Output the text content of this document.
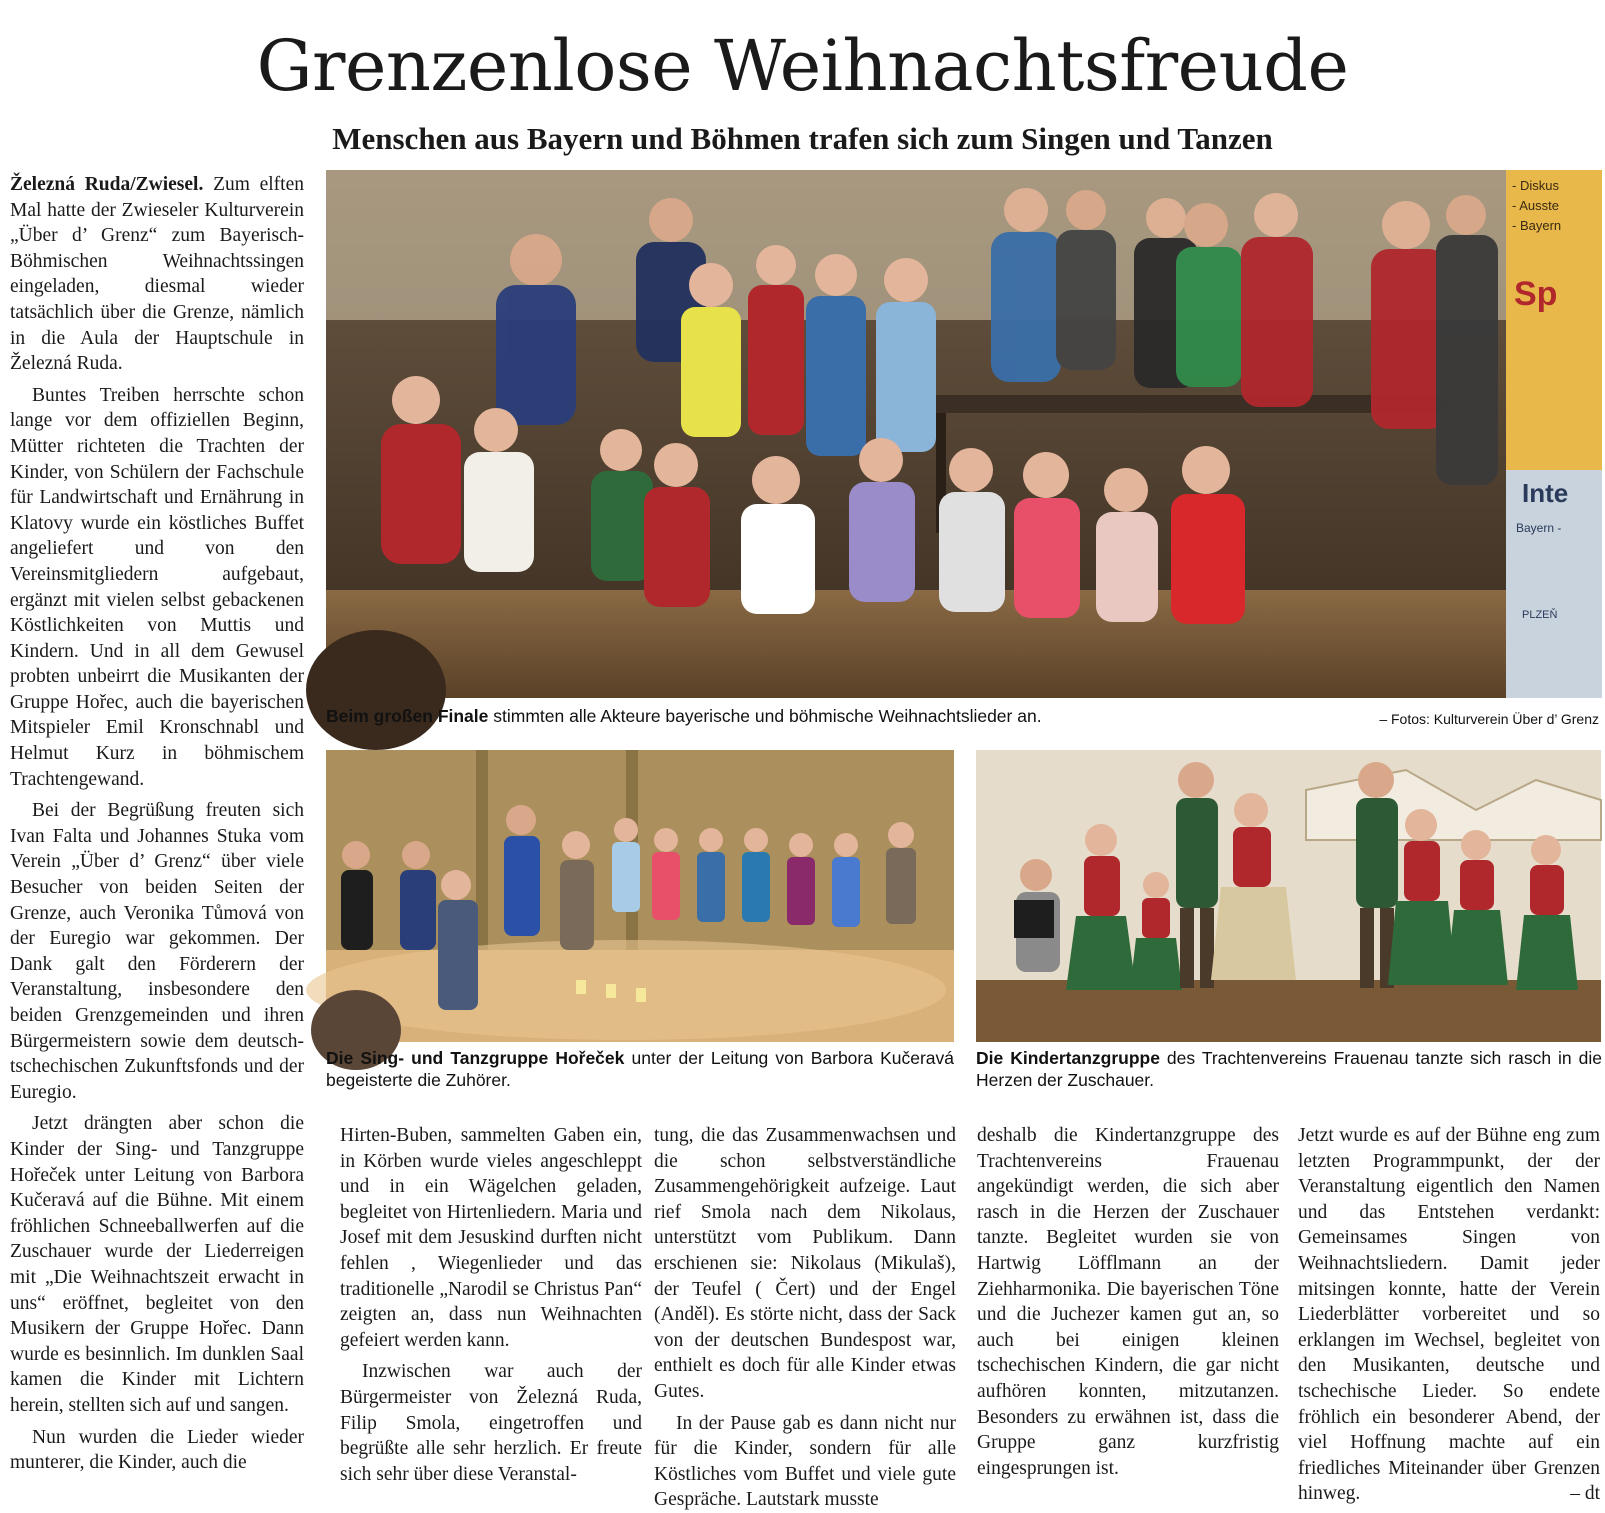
Grenzenlose Weihnachtsfreude
Menschen aus Bayern und Böhmen trafen sich zum Singen und Tanzen

Železná Ruda/Zwiesel. Zum elften Mal hatte der Zwieseler Kulturverein „Über d’ Grenz“ zum Bayerisch-Böhmischen Weihnachtssingen eingeladen, diesmal wieder tatsächlich über die Grenze, nämlich in die Aula der Hauptschule in Železná Ruda.

Buntes Treiben herrschte schon lange vor dem offiziellen Beginn, Mütter richteten die Trachten der Kinder, von Schülern der Fachschule für Landwirtschaft und Ernährung in Klatovy wurde ein köstliches Buffet angeliefert und von den Vereinsmitgliedern aufgebaut, ergänzt mit vielen selbst gebackenen Köstlichkeiten von Muttis und Kindern. Und in all dem Gewusel probten unbeirrt die Musikanten der Gruppe Hořec, auch die bayerischen Mitspieler Emil Kronschnabl und Helmut Kurz in böhmischem Trachtengewand.

Bei der Begrüßung freuten sich Ivan Falta und Johannes Stuka vom Verein „Über d’ Grenz“ über viele Besucher von beiden Seiten der Grenze, auch Veronika Tůmová von der Euregio war gekommen. Der Dank galt den Förderern der Veranstaltung, insbesondere den beiden Grenzgemeinden und ihren Bürgermeistern sowie dem deutsch-tschechischen Zukunftsfonds und der Euregio.

Jetzt drängten aber schon die Kinder der Sing- und Tanzgruppe Hořeček unter Leitung von Barbora Kučeravá auf die Bühne. Mit einem fröhlichen Schneeballwerfen auf die Zuschauer wurde der Liederreigen mit „Die Weihnachtszeit erwacht in uns“ eröffnet, begleitet von den Musikern der Gruppe Hořec. Dann wurde es besinnlich. Im dunklen Saal kamen die Kinder mit Lichtern herein, stellten sich auf und sangen.

Nun wurden die Lieder wieder munterer, die Kinder, auch die

Hirten-Buben, sammelten Gaben ein, in Körben wurde vieles angeschleppt und in ein Wägelchen geladen, begleitet von Hirtenliedern. Maria und Josef mit dem Jesuskind durften nicht fehlen , Wiegenlieder und das traditionelle „Narodil se Christus Pan“ zeigten an, dass nun Weihnachten gefeiert werden kann.

Inzwischen war auch der Bürgermeister von Železná Ruda, Filip Smola, eingetroffen und begrüßte alle sehr herzlich. Er freute sich sehr über diese Veranstal-

tung, die das Zusammenwachsen und die schon selbstverständliche Zusammengehörigkeit aufzeige. Laut rief Smola nach dem Nikolaus, unterstützt vom Publikum. Dann erschienen sie: Nikolaus (Mikulaš), der Teufel ( Čert) und der Engel (Anděl). Es störte nicht, dass der Sack von der deutschen Bundespost war, enthielt es doch für alle Kinder etwas Gutes.

In der Pause gab es dann nicht nur für die Kinder, sondern für alle Köstliches vom Buffet und viele gute Gespräche. Lautstark musste

deshalb die Kindertanzgruppe des Trachtenvereins Frauenau angekündigt werden, die sich aber rasch in die Herzen der Zuschauer tanzte. Begleitet wurden sie von Hartwig Löfflmann an der Ziehharmonika. Die bayerischen Töne und die Juchezer kamen gut an, so auch bei einigen kleinen tschechischen Kindern, die gar nicht aufhören konnten, mitzutanzen. Besonders zu erwähnen ist, dass die Gruppe ganz kurzfristig eingesprungen ist.

Jetzt wurde es auf der Bühne eng zum letzten Programmpunkt, der der Veranstaltung eigentlich den Namen und das Entstehen verdankt: Gemeinsames Singen von Weihnachtsliedern. Damit jeder mitsingen konnte, hatte der Verein Liederblätter vorbereitet und so erklangen im Wechsel, begleitet von den Musikanten, deutsche und tschechische Lieder. So endete fröhlich ein besonderer Abend, der viel Hoffnung machte auf ein friedliches Miteinander über Grenzen hinweg.	– dt

- Diskus
- Ausste
- Bayern
Sp
Inte
Bayern -
PLZEŇ
Beim großen Finale stimmten alle Akteure bayerische und böhmische Weihnachtslieder an.	– Fotos: Kulturverein Über d’ Grenz
Die Sing- und Tanzgruppe Hořeček unter der Leitung von Barbora Kučeravá begeisterte die Zuhörer.
Die Kindertanzgruppe des Trachtenvereins Frauenau tanzte sich rasch in die Herzen der Zuschauer.
